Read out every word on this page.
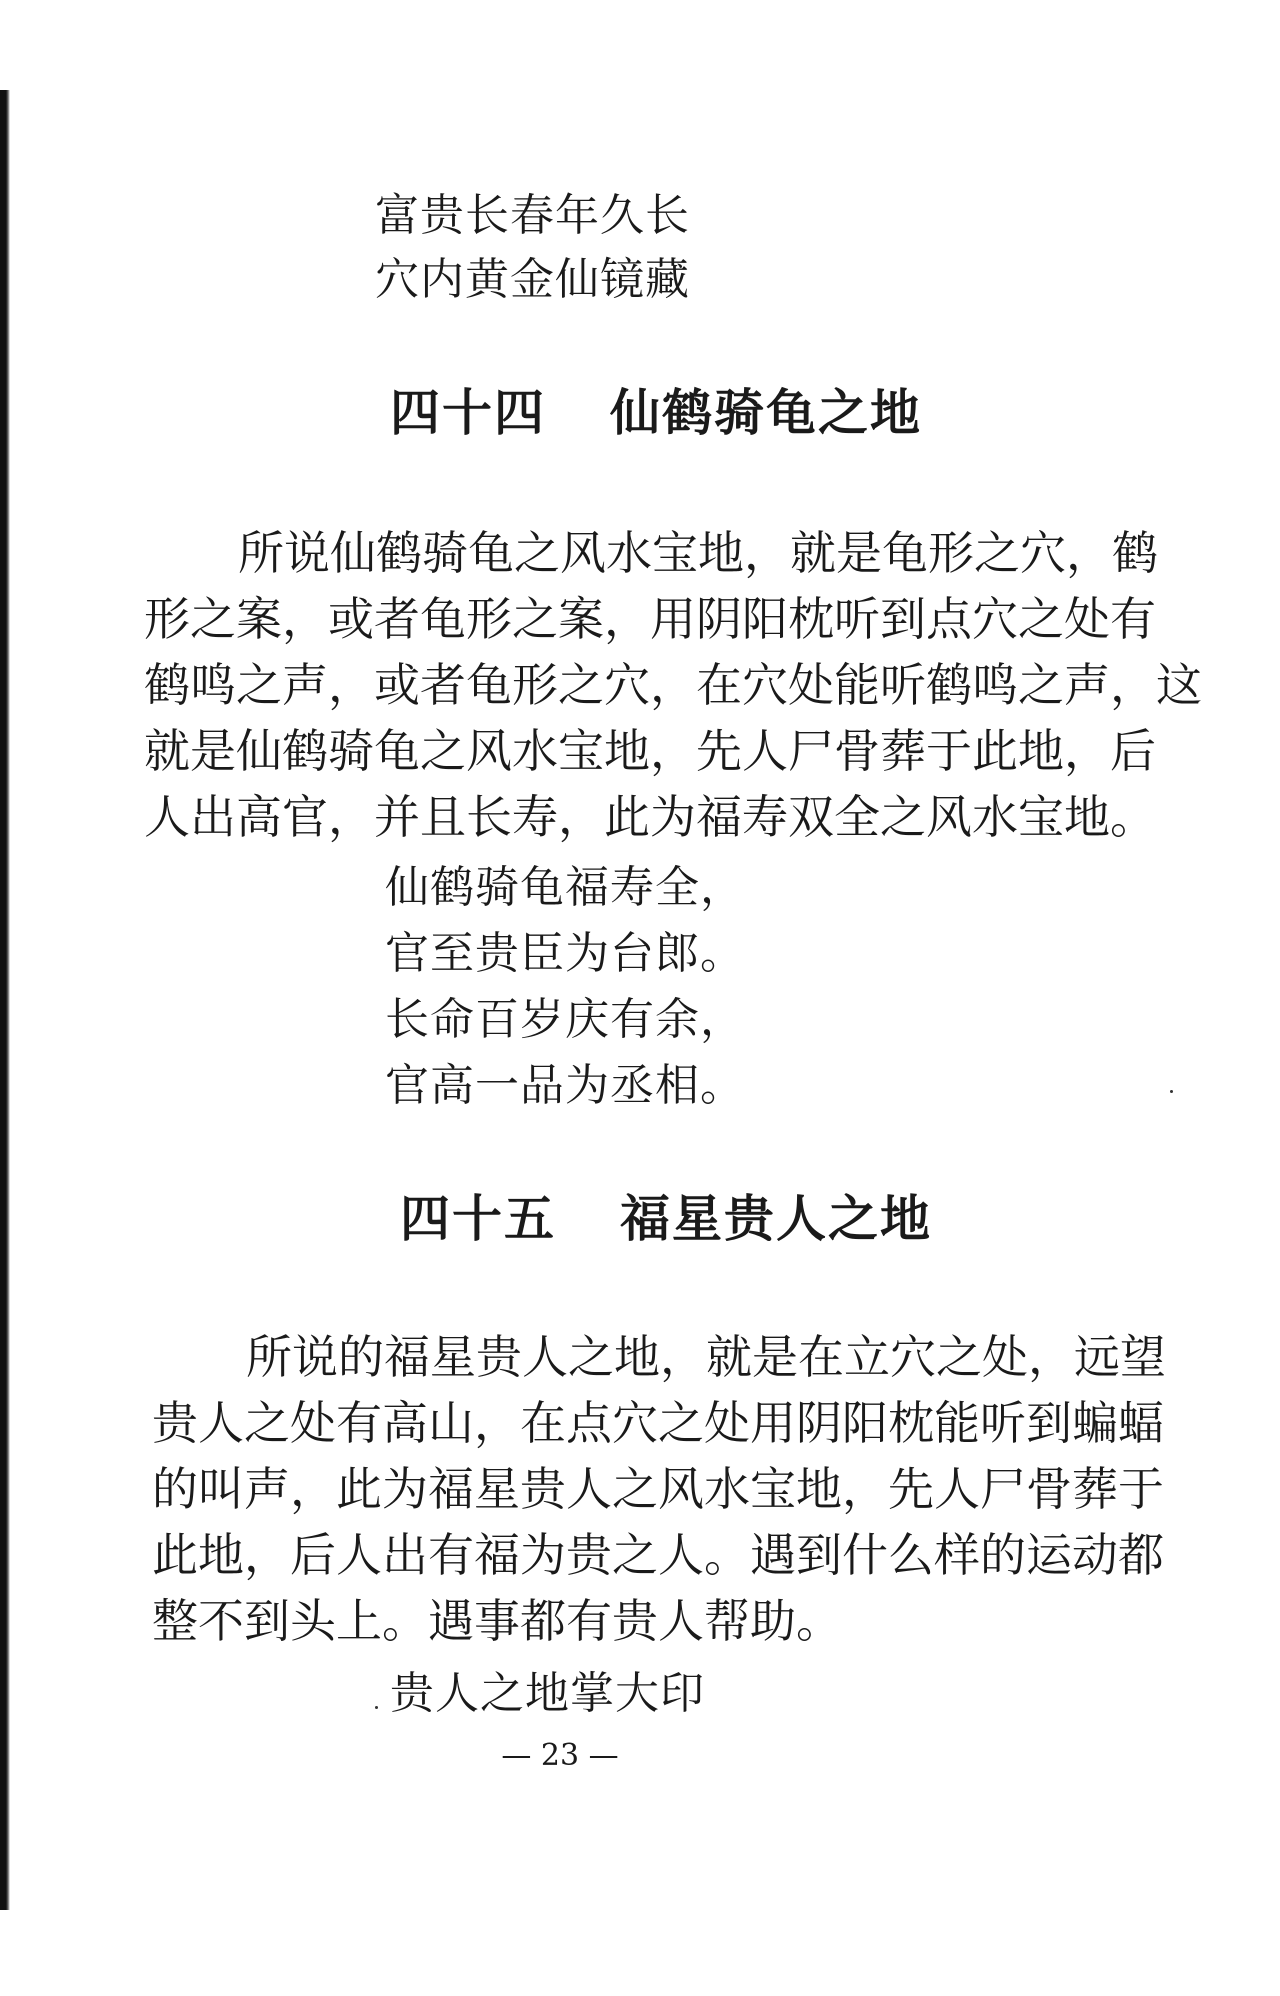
富贵长春年久长
穴内黄金仙镜藏
四十四 仙鹤骑龟之地
所说仙鹤骑龟之风水宝地，就是龟形之穴，鹤
形之案，或者龟形之案，用阴阳枕听到点穴之处有
鹤鸣之声，或者龟形之穴，在穴处能听鹤鸣之声，这
就是仙鹤骑龟之风水宝地，先人尸骨葬于此地，后
人出高官，并且长寿，此为福寿双全之风水宝地。
仙鹤骑龟福寿全，
官至贵臣为台郎。
长命百岁庆有余，
官高一品为丞相。
四十五 福星贵人之地
所说的福星贵人之地，就是在立穴之处，远望
贵人之处有高山，在点穴之处用阴阳枕能听到蝙蝠
的叫声，此为福星贵人之风水宝地，先人尸骨葬于
此地，后人出有福为贵之人。遇到什么样的运动都
整不到头上。遇事都有贵人帮助。
贵人之地掌大印
— 23 —
